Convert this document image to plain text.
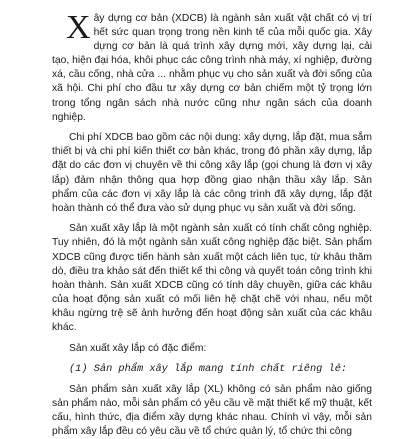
Xây dựng cơ bản (XDCB) là ngành sản xuất vật chất có vị trí hết sức quan trọng trong nền kinh tế của mỗi quốc gia. Xây dựng cơ bản là quá trình xây dựng mới, xây dựng lại, cải tạo, hiện đại hóa, khôi phục các công trình nhà máy, xí nghiệp, đường xá, cầu cống, nhà cửa ... nhằm phục vụ cho sản xuất và đời sống của xã hội. Chi phí cho đầu tư xây dựng cơ bản chiếm một tỷ trọng lớn trong tổng ngân sách nhà nước cũng như ngân sách của doanh nghiệp.

Chi phí XDCB bao gồm các nội dung: xây dựng, lắp đặt, mua sắm thiết bị và chi phí kiến thiết cơ bản khác, trong đó phần xây dựng, lắp đặt do các đơn vị chuyên về thi công xây lắp (gọi chung là đơn vị xây lắp) đảm nhận thông qua hợp đồng giao nhận thầu xây lắp. Sản phẩm của các đơn vị xây lắp là các công trình đã xây dựng, lắp đặt hoàn thành có thể đưa vào sử dụng phục vụ sản xuất và đời sống.

Sản xuất xây lắp là một ngành sản xuất có tính chất công nghiệp. Tuy nhiên, đó là một ngành sản xuất công nghiệp đặc biệt. Sản phẩm XDCB cũng được tiến hành sản xuất một cách liên tục, từ khâu thăm dò, điều tra khảo sát đến thiết kế thi công và quyết toán công trình khi hoàn thành. Sản xuất XDCB cũng có tính dây chuyền, giữa các khâu của hoạt động sản xuất có mối liên hệ chặt chẽ với nhau, nếu một khâu ngừng trệ sẽ ảnh hưởng đến hoạt động sản xuất của các khâu khác.

Sản xuất xây lắp có đặc điểm:

(1) Sản phẩm xây lắp mang tính chất riêng lẻ:

Sản phẩm sản xuất xây lắp (XL) không có sản phẩm nào giống sản phẩm nào, mỗi sản phẩm có yêu cầu về mặt thiết kế mỹ thuật, kết cấu, hình thức, địa điểm xây dựng khác nhau. Chính vì vậy, mỗi sản phẩm xây lắp đều có yêu cầu về tổ chức quản lý, tổ chức thi công
